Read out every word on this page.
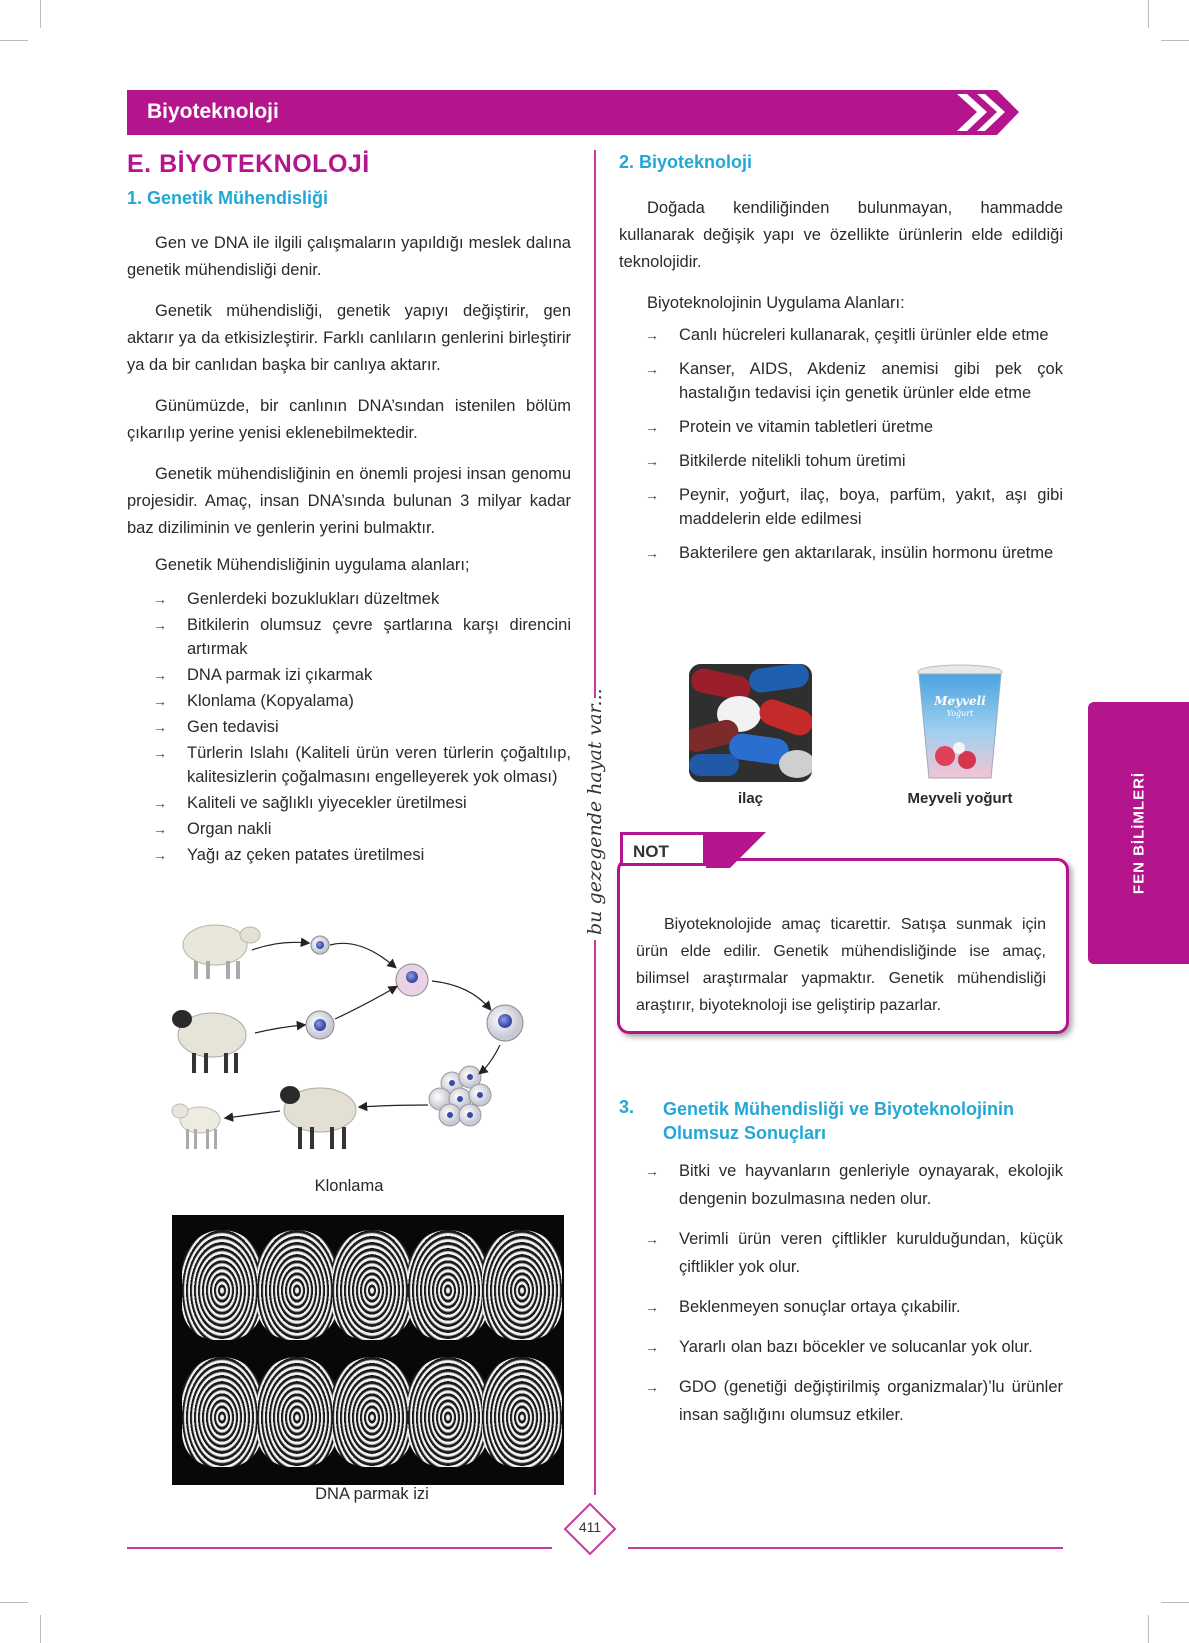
Biyoteknoloji
E. BİYOTEKNOLOJİ
1. Genetik Mühendisliği
Gen ve DNA ile ilgili çalışmaların yapıldığı meslek dalına genetik mühendisliği denir.
Genetik mühendisliği, genetik yapıyı değiştirir, gen aktarır ya da etkisizleştirir. Farklı canlıların genlerini birleştirir ya da bir canlıdan başka bir canlıya aktarır.
Günümüzde, bir canlının DNA’sından istenilen bölüm çıkarılıp yerine yenisi eklenebilmektedir.
Genetik mühendisliğinin en önemli projesi insan genomu projesidir. Amaç, insan DNA’sında bulunan 3 milyar kadar baz diziliminin ve genlerin yerini bulmaktır.
Genetik Mühendisliğinin uygulama alanları;
→ Genlerdeki bozuklukları düzeltmek
→ Bitkilerin olumsuz çevre şartlarına karşı direncini artırmak
→ DNA parmak izi çıkarmak
→ Klonlama (Kopyalama)
→ Gen tedavisi
→ Türlerin Islahı (Kaliteli ürün veren türlerin çoğaltılıp, kalitesizlerin çoğalmasını engelleyerek yok olması)
→ Kaliteli ve sağlıklı yiyecekler üretilmesi
→ Organ nakli
→ Yağı az çeken patates üretilmesi
Klonlama
DNA parmak izi
bu gezegende hayat var...
2. Biyoteknoloji
Doğada kendiliğinden bulunmayan, hammadde kullanarak değişik yapı ve özellikte ürünlerin elde edildiği teknolojidir.
Biyoteknolojinin Uygulama Alanları:
→ Canlı hücreleri kullanarak, çeşitli ürünler elde etme
→ Kanser, AIDS, Akdeniz anemisi gibi pek çok hastalığın tedavisi için genetik ürünler elde etme
→ Protein ve vitamin tabletleri üretme
→ Bitkilerde nitelikli tohum üretimi
→ Peynir, yoğurt, ilaç, boya, parfüm, yakıt, aşı gibi maddelerin elde edilmesi
→ Bakterilere gen aktarılarak, insülin hormonu üretme
ilaç
Meyveli
Yoğurt
Meyveli yoğurt
Biyoteknolojide amaç ticarettir. Satışa sunmak için ürün elde edilir. Genetik mühendisliğinde ise amaç, bilimsel araştırmalar yapmaktır. Genetik mühendisliği araştırır, biyoteknoloji ise geliştirip pazarlar.
NOT
3. Genetik Mühendisliği ve Biyoteknolojinin Olumsuz Sonuçları
→ Bitki ve hayvanların genleriyle oynayarak, ekolojik dengenin bozulmasına neden olur.
→ Verimli ürün veren çiftlikler kurulduğundan, küçük çiftlikler yok olur.
→ Beklenmeyen sonuçlar ortaya çıkabilir.
→ Yararlı olan bazı böcekler ve solucanlar yok olur.
→ GDO (genetiği değiştirilmiş organizmalar)’lu ürünler insan sağlığını olumsuz etkiler.
FEN BİLİMLERİ
411
